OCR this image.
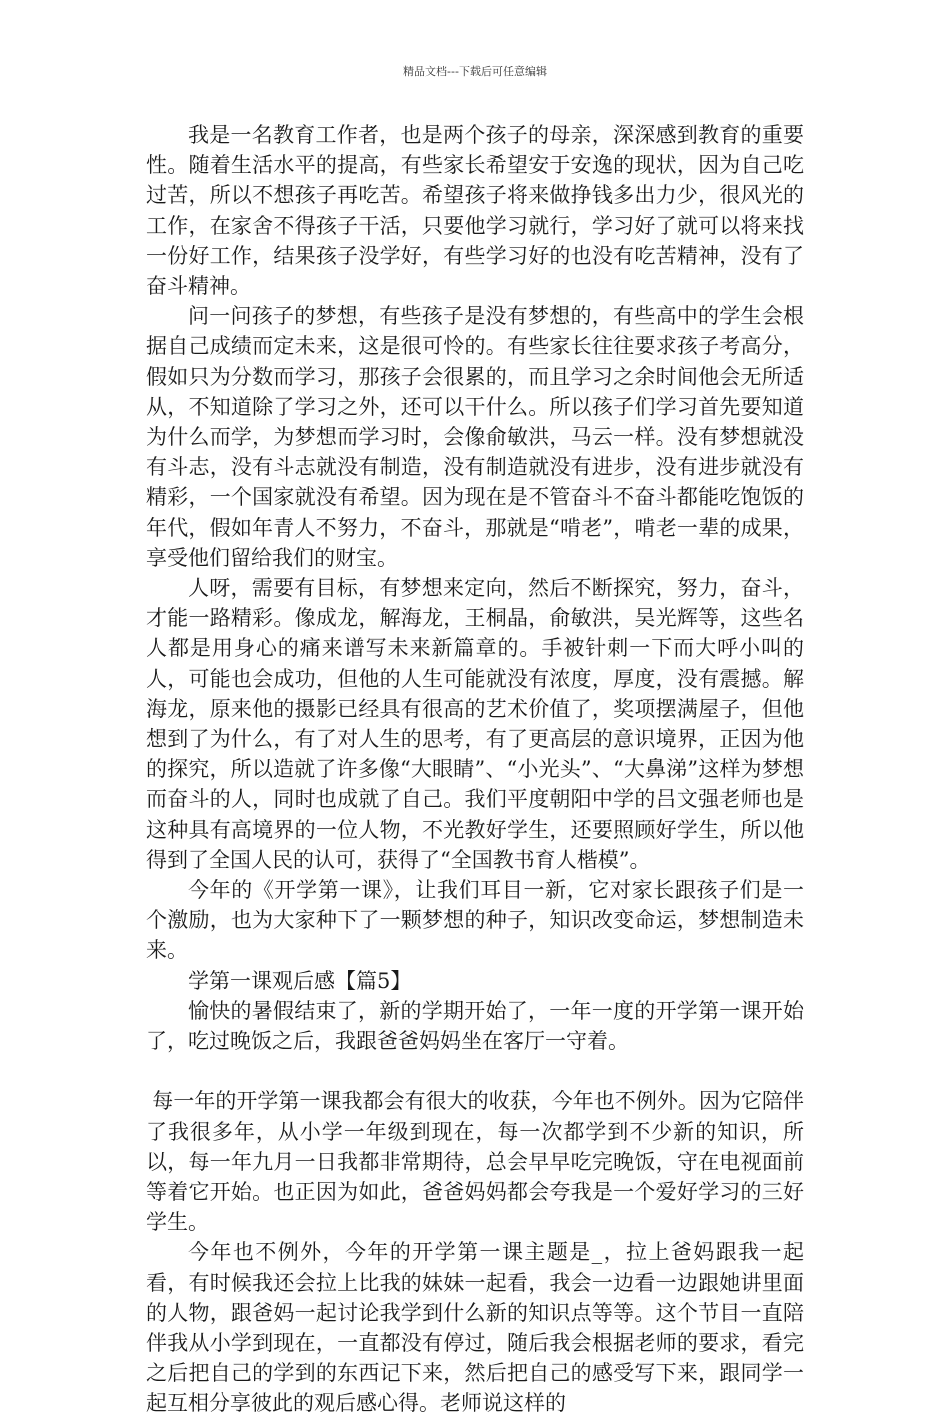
精品文档---下载后可任意编辑

我是一名教育工作者，也是两个孩子的母亲，深深感到教育的重要性。随着生活水平的提高，有些家长希望安于安逸的现状，因为自己吃过苦，所以不想孩子再吃苦。希望孩子将来做挣钱多出力少，很风光的工作，在家舍不得孩子干活，只要他学习就行，学习好了就可以将来找一份好工作，结果孩子没学好，有些学习好的也没有吃苦精神，没有了奋斗精神。

问一问孩子的梦想，有些孩子是没有梦想的，有些高中的学生会根据自己成绩而定未来，这是很可怜的。有些家长往往要求孩子考高分，假如只为分数而学习，那孩子会很累的，而且学习之余时间他会无所适从，不知道除了学习之外，还可以干什么。所以孩子们学习首先要知道为什么而学，为梦想而学习时，会像俞敏洪，马云一样。没有梦想就没有斗志，没有斗志就没有制造，没有制造就没有进步，没有进步就没有精彩，一个国家就没有希望。因为现在是不管奋斗不奋斗都能吃饱饭的年代，假如年青人不努力，不奋斗，那就是“啃老”，啃老一辈的成果，享受他们留给我们的财宝。

人呀，需要有目标，有梦想来定向，然后不断探究，努力，奋斗，才能一路精彩。像成龙，解海龙，王桐晶，俞敏洪，吴光辉等，这些名人都是用身心的痛来谱写未来新篇章的。手被针刺一下而大呼小叫的人，可能也会成功，但他的人生可能就没有浓度，厚度，没有震撼。解海龙，原来他的摄影已经具有很高的艺术价值了，奖项摆满屋子，但他想到了为什么，有了对人生的思考，有了更高层的意识境界，正因为他的探究，所以造就了许多像“大眼睛”、“小光头”、“大鼻涕”这样为梦想而奋斗的人，同时也成就了自己。我们平度朝阳中学的吕文强老师也是这种具有高境界的一位人物，不光教好学生，还要照顾好学生，所以他得到了全国人民的认可，获得了“全国教书育人楷模”。

今年的《开学第一课》，让我们耳目一新，它对家长跟孩子们是一个激励，也为大家种下了一颗梦想的种子，知识改变命运，梦想制造未来。

学第一课观后感【篇5】

愉快的暑假结束了，新的学期开始了，一年一度的开学第一课开始了，吃过晚饭之后，我跟爸爸妈妈坐在客厅一守着。

每一年的开学第一课我都会有很大的收获，今年也不例外。因为它陪伴了我很多年，从小学一年级到现在，每一次都学到不少新的知识，所以，每一年九月一日我都非常期待，总会早早吃完晚饭，守在电视面前等着它开始。也正因为如此，爸爸妈妈都会夸我是一个爱好学习的三好学生。

今年也不例外，今年的开学第一课主题是_，拉上爸妈跟我一起看，有时候我还会拉上比我的妹妹一起看，我会一边看一边跟她讲里面的人物，跟爸妈一起讨论我学到什么新的知识点等等。这个节目一直陪伴我从小学到现在，一直都没有停过，随后我会根据老师的要求，看完之后把自己的学到的东西记下来，然后把自己的感受写下来，跟同学一起互相分享彼此的观后感心得。老师说这样的
